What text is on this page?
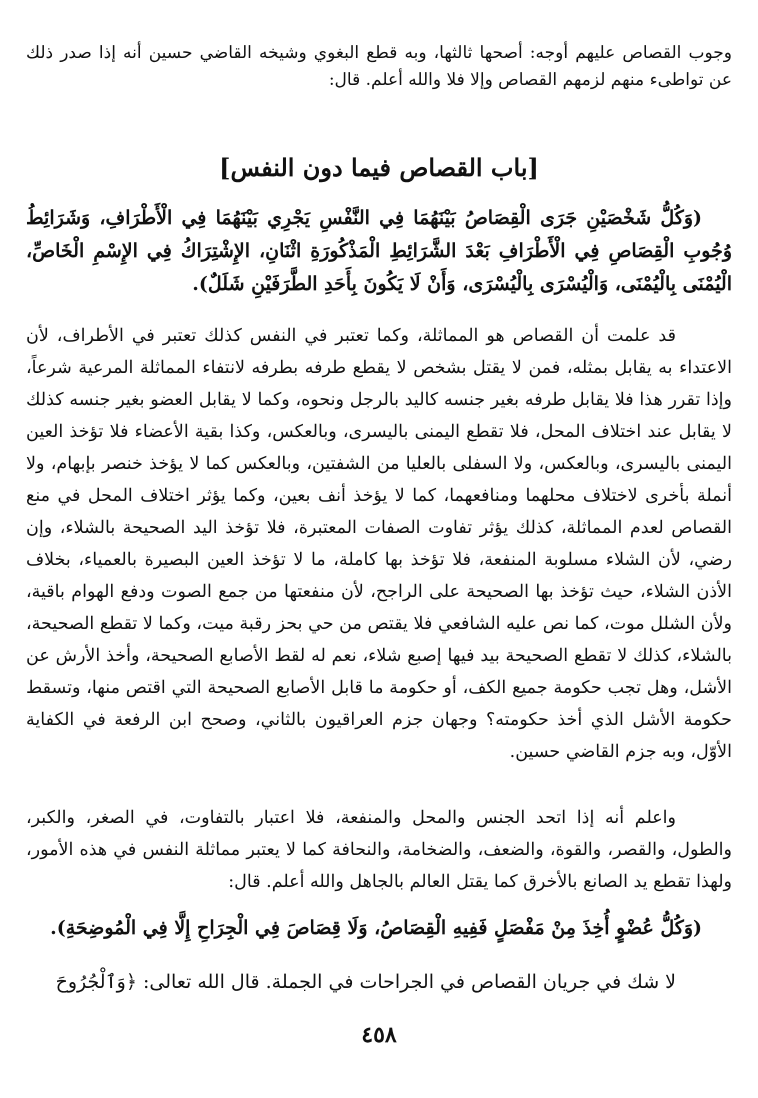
وجوب القصاص عليهم أوجه: أصحها ثالثها، وبه قطع البغوي وشيخه القاضي حسين أنه إذا صدر ذلك عن تواطىء منهم لزمهم القصاص وإلا فلا والله أعلم. قال:

[باب القصاص فيما دون النفس]

(وَكُلُّ شَخْصَيْنِ جَرَى الْقِصَاصُ بَيْنَهُمَا فِي النَّفْسِ يَجْرِي بَيْنَهُمَا فِي الْأَطْرَافِ، وَشَرَائِطُ وُجُوبِ الْقِصَاصِ فِي الْأَطْرَافِ بَعْدَ الشَّرَائِطِ الْمَذْكُورَةِ اثْنَانِ، الإِشْتِرَاكُ فِي الإِسْمِ الْخَاصِّ، الْيُمْنَى بِالْيُمْنَى، وَالْيُسْرَى بِالْيُسْرَى، وَأَنْ لَا يَكُونَ بِأَحَدِ الطَّرَفَيْنِ شَلَلٌ).

قد علمت أن القصاص هو المماثلة، وكما تعتبر في النفس كذلك تعتبر في الأطراف، لأن الاعتداء به يقابل بمثله، فمن لا يقتل بشخص لا يقطع طرفه بطرفه لانتفاء المماثلة المرعية شرعاً، وإذا تقرر هذا فلا يقابل طرفه بغير جنسه كاليد بالرجل ونحوه، وكما لا يقابل العضو بغير جنسه كذلك لا يقابل عند اختلاف المحل، فلا تقطع اليمنى باليسرى، وبالعكس، وكذا بقية الأعضاء فلا تؤخذ العين اليمنى باليسرى، وبالعكس، ولا السفلى بالعليا من الشفتين، وبالعكس كما لا يؤخذ خنصر بإبهام، ولا أنملة بأخرى لاختلاف محلهما ومنافعهما، كما لا يؤخذ أنف بعين، وكما يؤثر اختلاف المحل في منع القصاص لعدم المماثلة، كذلك يؤثر تفاوت الصفات المعتبرة، فلا تؤخذ اليد الصحيحة بالشلاء، وإن رضي، لأن الشلاء مسلوبة المنفعة، فلا تؤخذ بها كاملة، ما لا تؤخذ العين البصيرة بالعمياء، بخلاف الأذن الشلاء، حيث تؤخذ بها الصحيحة على الراجح، لأن منفعتها من جمع الصوت ودفع الهوام باقية، ولأن الشلل موت، كما نص عليه الشافعي فلا يقتص من حي بحز رقبة ميت، وكما لا تقطع الصحيحة، بالشلاء، كذلك لا تقطع الصحيحة بيد فيها إصبع شلاء، نعم له لقط الأصابع الصحيحة، وأخذ الأرش عن الأشل، وهل تجب حكومة جميع الكف، أو حكومة ما قابل الأصابع الصحيحة التي اقتص منها، وتسقط حكومة الأشل الذي أخذ حكومته؟ وجهان جزم العراقيون بالثاني، وصحح ابن الرفعة في الكفاية الأوّل، وبه جزم القاضي حسين.

واعلم أنه إذا اتحد الجنس والمحل والمنفعة، فلا اعتبار بالتفاوت، في الصغر، والكبر، والطول، والقصر، والقوة، والضعف، والضخامة، والنحافة كما لا يعتبر مماثلة النفس في هذه الأمور، ولهذا تقطع يد الصانع بالأخرق كما يقتل العالم بالجاهل والله أعلم. قال:

(وَكُلُّ عُضْوٍ أُخِذَ مِنْ مَفْصَلٍ فَفِيهِ الْقِصَاصُ، وَلَا قِصَاصَ فِي الْجِرَاحِ إِلَّا فِي الْمُوضِحَةِ).

لا شك في جريان القصاص في الجراحات في الجملة. قال الله تعالى: ﴿وَٱلْجُرُوحَ

٤٥٨
